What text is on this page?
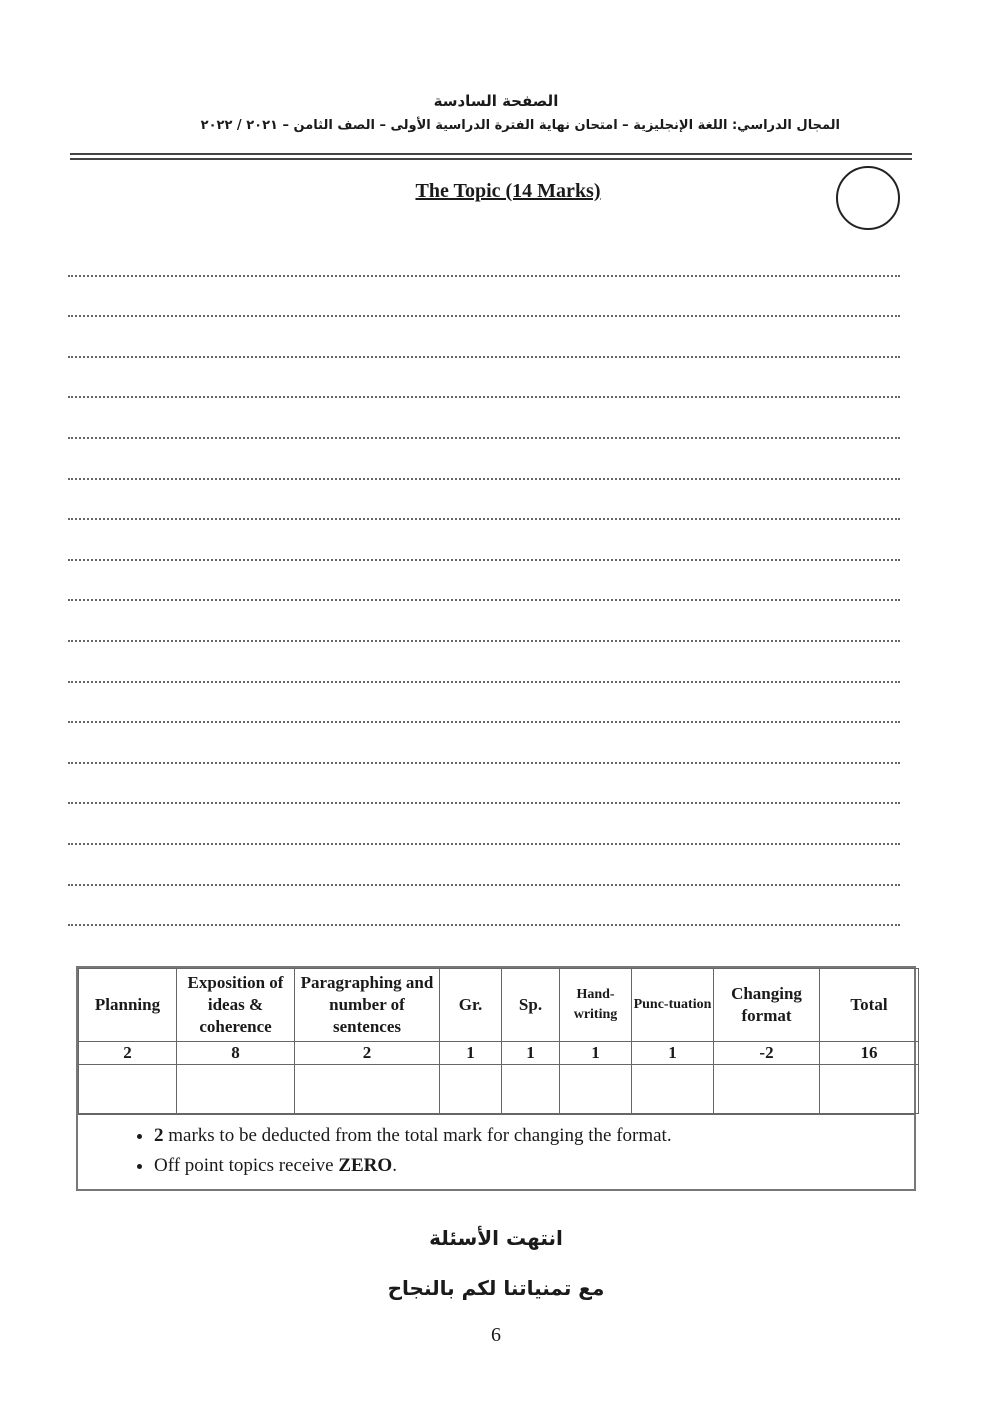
الصفحة السادسة
المجال الدراسي: اللغة الإنجليزية – امتحان نهاية الفترة الدراسية الأولى – الصف الثامن – ٢٠٢١ / ٢٠٢٢
The Topic (14 Marks)
Planning	Exposition of ideas & coherence	Paragraphing and number of sentences	Gr.	Sp.	Hand-writing	Punc-tuation	Changing format	Total
2	8	2	1	1	1	1	-2	16

• 2 marks to be deducted from the total mark for changing the format.
• Off point topics receive ZERO.
انتهت الأسئلة
مع تمنياتنا لكم بالنجاح
6
